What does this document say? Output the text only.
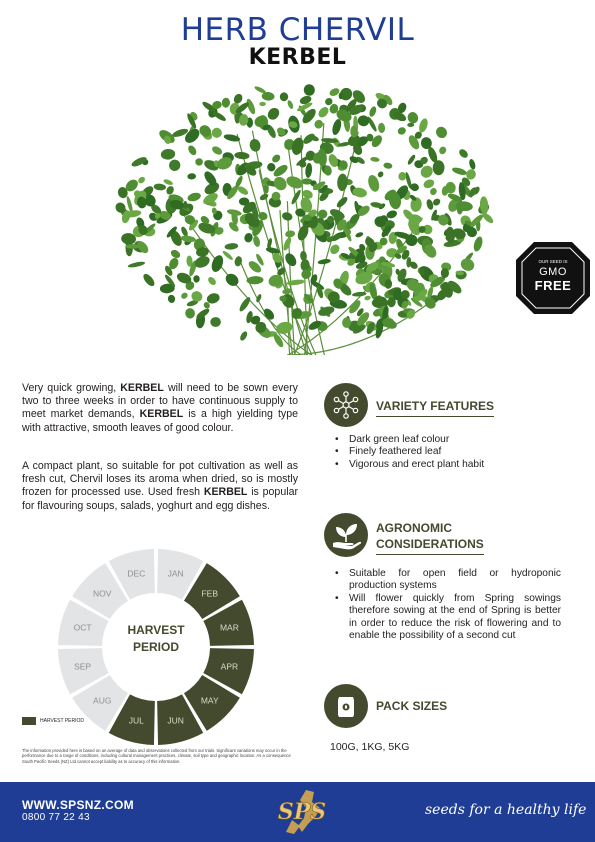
HERB CHERVIL
KERBEL
OUR SEED IS
GMO
FREE

Very quick growing, KERBEL will need to be sown every two to three weeks in order to have continuous supply to meet market demands, KERBEL is a high yielding type with attractive, smooth leaves of good colour.

A compact plant, so suitable for pot cultivation as well as fresh cut, Chervil loses its aroma when dried, so is mostly frozen for processed use. Used fresh KERBEL is popular for flavouring soups, salads, yoghurt and egg dishes.

JAN
FEB
MAR
APR
MAY
JUN
JUL
AUG
SEP
OCT
NOV
DEC
HARVEST
PERIOD
HARVEST PERIOD

The information provided here is based on an average of data and observations collected from our trials. Significant variations may occur in the performance due to a range of conditions, including cultural management practices, climate, soil type and geographic location. As a consequence South Pacific Seeds (NZ) Ltd cannot accept liability as to accuracy of this information.

VARIETY FEATURES
• Dark green leaf colour
• Finely feathered leaf
• Vigorous and erect plant habit
AGRONOMIC
CONSIDERATIONS
• Suitable for open field or hydroponic production systems
• Will flower quickly from Spring sowings therefore sowing at the end of Spring is better in order to reduce the risk of flowering and to enable the possibility of a second cut
PACK SIZES
100G, 1KG, 5KG
WWW.SPSNZ.COM
0800 77 22 43	SPS	seeds for a healthy life
